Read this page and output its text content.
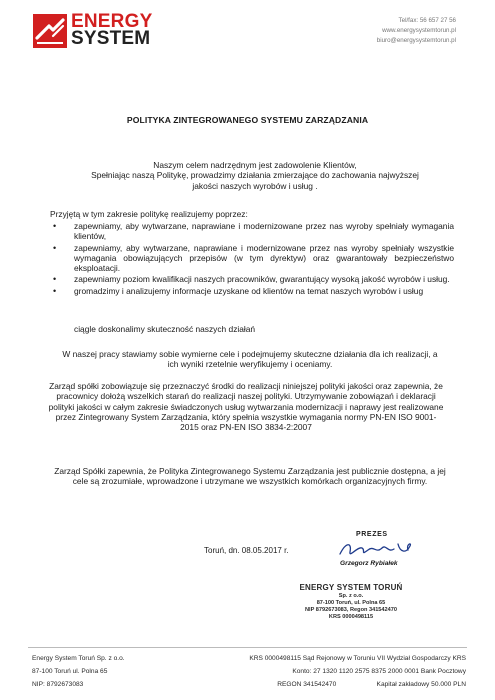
ENERGY
SYSTEM
Tel/fax: 56 657 27 56
www.energysystemtorun.pl
biuro@energysystemtorun.pl
POLITYKA ZINTEGROWANEGO SYSTEMU ZARZĄDZANIA
Naszym celem nadrzędnym jest zadowolenie Klientów,
Spełniając naszą Politykę, prowadzimy działania zmierzające do zachowania najwyższej
jakości naszych wyrobów i usług .
Przyjętą w tym zakresie politykę realizujemy poprzez:
• zapewniamy, aby wytwarzane, naprawiane i modernizowane przez nas wyroby spełniały wymagania klientów,
• zapewniamy, aby wytwarzane, naprawiane i modernizowane przez nas wyroby spełniały wszystkie wymagania obowiązujących przepisów (w tym dyrektyw) oraz gwarantowały bezpieczeństwo eksploatacji.
• zapewniamy poziom kwalifikacji naszych pracowników, gwarantujący wysoką jakość wyrobów i usług.
• gromadzimy i analizujemy informacje uzyskane od klientów na temat naszych wyrobów i usług
ciągle doskonalimy skuteczność naszych działań
W naszej pracy stawiamy sobie wymierne cele i podejmujemy skuteczne działania dla ich realizacji, a ich wyniki rzetelnie weryfikujemy i oceniamy.
Zarząd spółki zobowiązuje się przeznaczyć środki do realizacji niniejszej polityki jakości oraz zapewnia, że pracownicy dołożą wszelkich starań do realizacji naszej polityki. Utrzymywanie zobowiązań i deklaracji polityki jakości w całym zakresie świadczonych usług wytwarzania modernizacji i naprawy jest realizowane przez Zintegrowany System Zarządzania, który spełnia wszystkie wymagania normy PN-EN ISO 9001-2015 oraz PN-EN ISO 3834-2:2007
Zarząd Spółki zapewnia, że Polityka Zintegrowanego Systemu Zarządzania jest publicznie dostępna, a jej cele są zrozumiałe, wprowadzone i utrzymane we wszystkich komórkach organizacyjnych firmy.
Toruń, dn. 08.05.2017 r.
PREZES
Grzegorz Rybiałek
ENERGY SYSTEM TORUŃ
Sp. z o.o.
87-100 Toruń, ul. Polna 65
NIP 8792673083, Regon 341542470
KRS 0000498115
Energy System Toruń Sp. z o.o.
87-100 Toruń ul. Polna 65
NIP: 8792673083
KRS 0000498115 Sąd Rejonowy w Toruniu VII Wydział Gospodarczy KRS
Konto: 27 1320 1120 2575 8375 2000 0001 Bank Pocztowy
REGON 341542470                      Kapitał zakładowy 50.000 PLN
